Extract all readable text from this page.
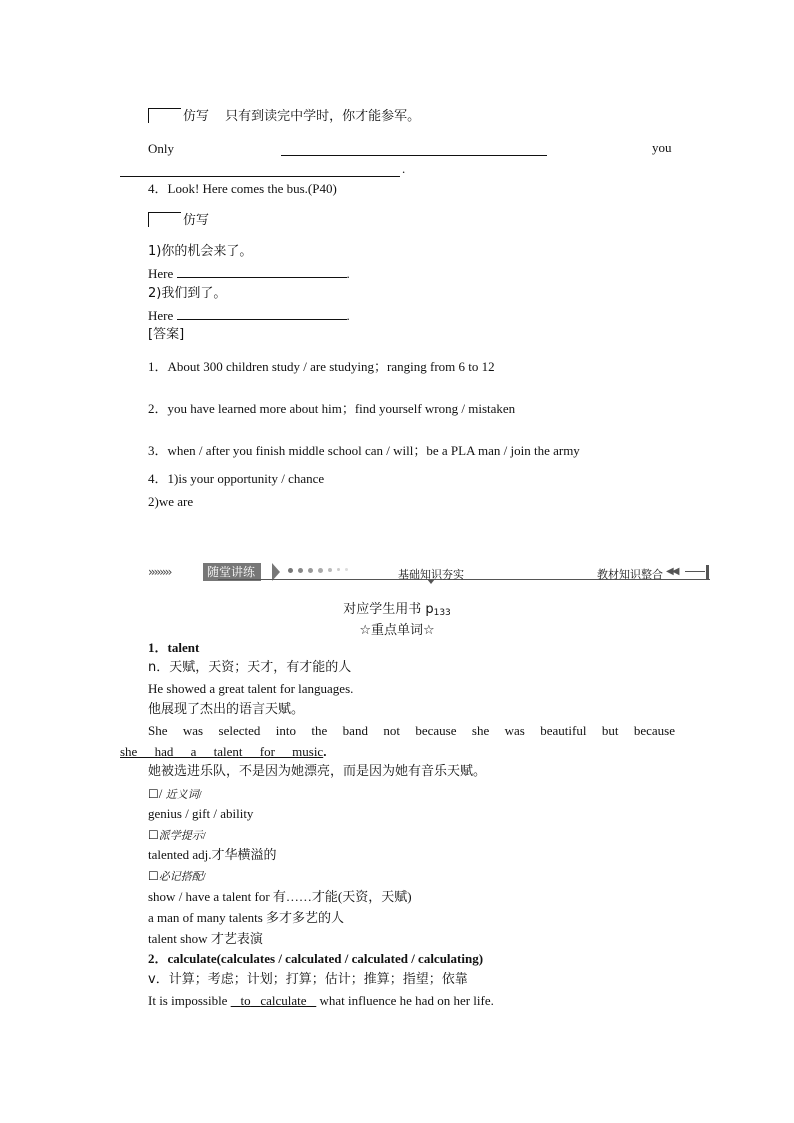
仿写 只有到读完中学时，你才能参军。
Only	you
.
4．Look! Here comes the bus.(P40)
仿写
1)你的机会来了。
Here	.
2)我们到了。
Here	.
[答案]
1．About 300 children study / are studying；ranging from 6 to 12
2．you have learned more about him；find yourself wrong / mistaken
3．when / after you finish middle school can / will；be a PLA man / join the army
4．1)is your opportunity / chance
2)we are
››››››››	随堂讲练	基础知识夯实	教材知识整合 ◀◀
对应学生用书 p133
☆重点单词☆
1．talent
n．天赋，天资；天才，有才能的人
He showed a great talent for languages.
他展现了杰出的语言天赋。
She was selected into the band not because she was beautiful but because
she had a talent for music.
她被选进乐队，不是因为她漂亮，而是因为她有音乐天赋。
☐/ 近义词/
genius / gift / ability
☐派学提示/
talented adj.才华横溢的
☐必记搭配/
show / have a talent for 有……才能(天资，天赋)
a man of many talents 多才多艺的人
talent show 才艺表演
2．calculate(calculates / calculated / calculated / calculating)
v．计算；考虑；计划；打算；估计；推算；指望；依靠
It is impossible to calculate what influence he had on her life.
